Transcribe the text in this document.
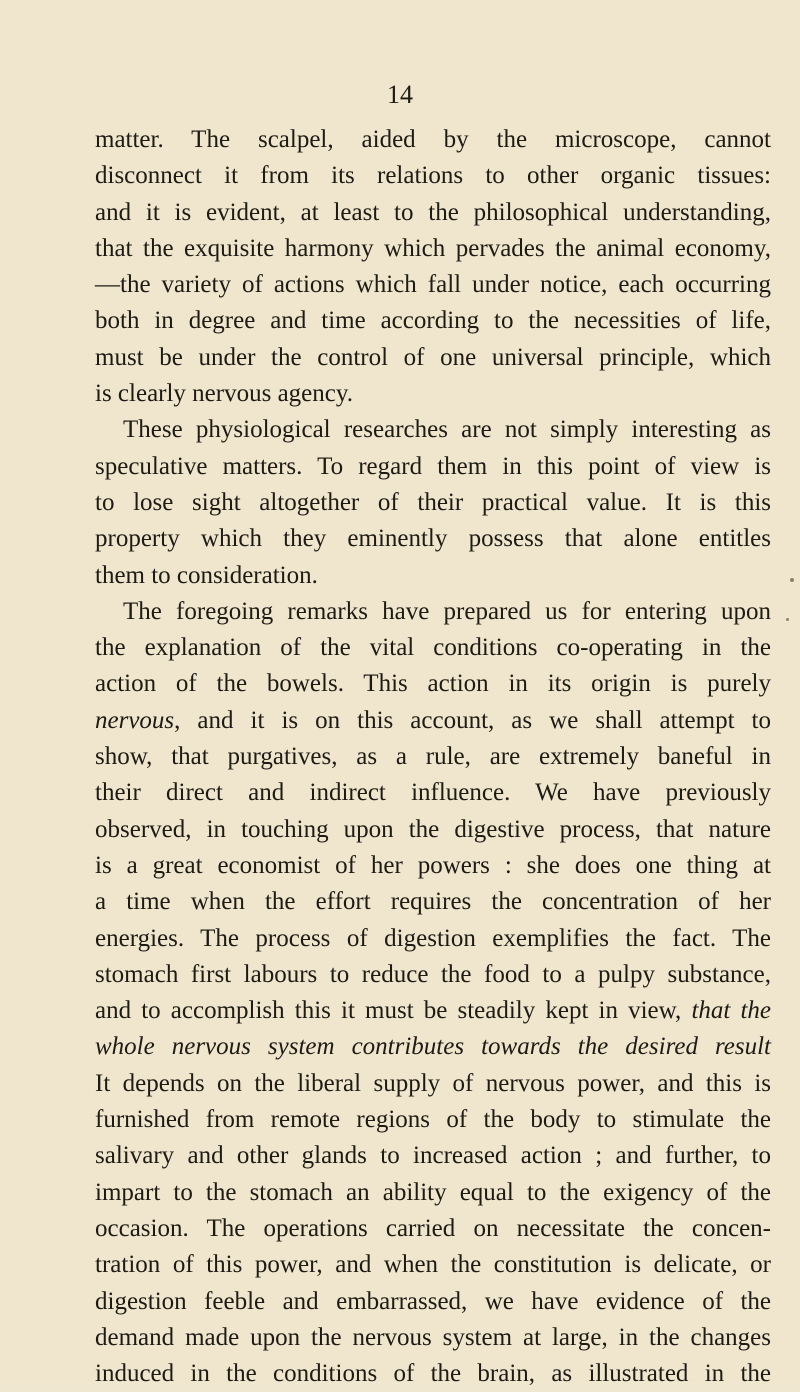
14

matter. The scalpel, aided by the microscope, cannot

disconnect it from its relations to other organic tissues:

and it is evident, at least to the philosophical understanding,

that the exquisite harmony which pervades the animal economy,

—the variety of actions which fall under notice, each occurring

both in degree and time according to the necessities of life,

must be under the control of one universal principle, which

is clearly nervous agency.

These physiological researches are not simply interesting as

speculative matters. To regard them in this point of view is

to lose sight altogether of their practical value. It is this

property which they eminently possess that alone entitles

them to consideration.

The foregoing remarks have prepared us for entering upon

the explanation of the vital conditions co-operating in the

action of the bowels. This action in its origin is purely

nervous, and it is on this account, as we shall attempt to

show, that purgatives, as a rule, are extremely baneful in

their direct and indirect influence. We have previously

observed, in touching upon the digestive process, that nature

is a great economist of her powers : she does one thing at

a time when the effort requires the concentration of her

energies. The process of digestion exemplifies the fact. The

stomach first labours to reduce the food to a pulpy substance,

and to accomplish this it must be steadily kept in view, that the

whole nervous system contributes towards the desired result

It depends on the liberal supply of nervous power, and this is

furnished from remote regions of the body to stimulate the

salivary and other glands to increased action ; and further, to

impart to the stomach an ability equal to the exigency of the

occasion. The operations carried on necessitate the concen-

tration of this power, and when the constitution is delicate, or

digestion feeble and embarrassed, we have evidence of the

demand made upon the nervous system at large, in the changes

induced in the conditions of the brain, as illustrated in the
